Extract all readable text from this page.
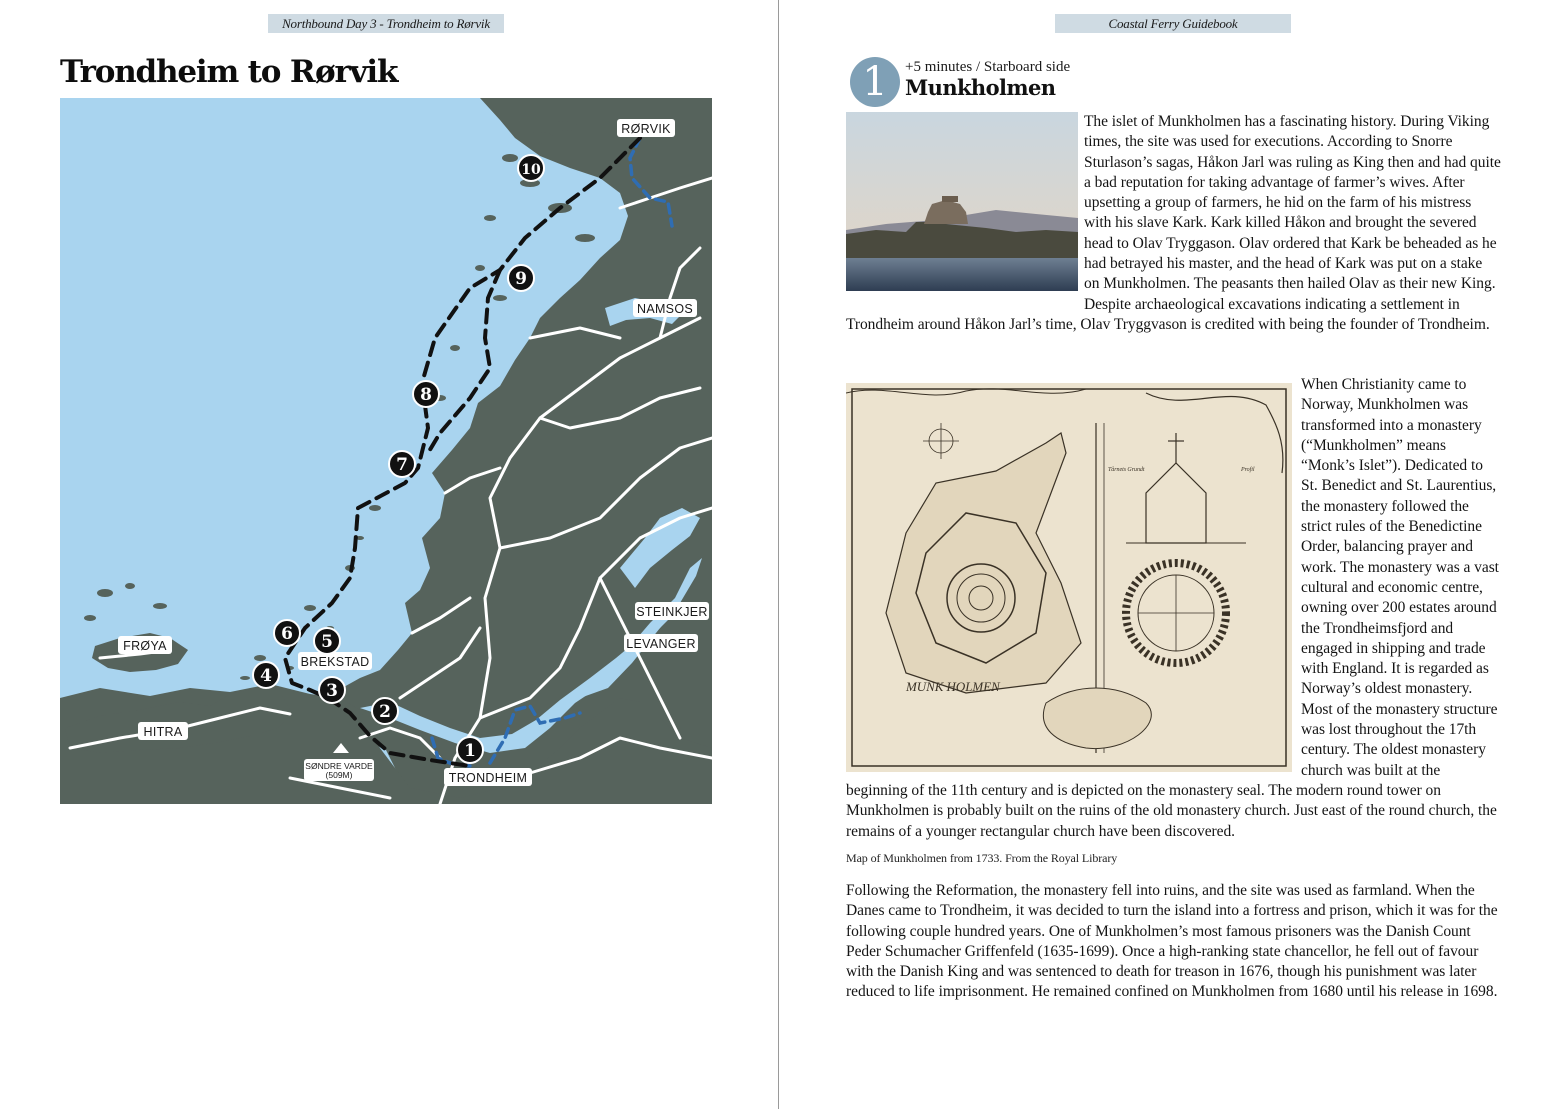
Northbound Day 3 - Trondheim to Rørvik
Trondheim to Rørvik
RØRVIK
NAMSOS
STEINKJER
LEVANGER
FRØYA
HITRA
BREKSTAD
TRONDHEIM
SØNDRE VARDE
(509M)
1
2
3
4
5
6
7
8
9
10
Coastal Ferry Guidebook
1	+5 minutes / Starboard side
Munkholmen

The islet of Munkholmen has a fascinating history. During Viking times, the site was used for executions. According to Snorre Sturlason’s sagas, Håkon Jarl was ruling as King then and had quite a bad reputation for taking advantage of farmer’s wives. After upsetting a group of farmers, he hid on the farm of his mistress with his slave Kark. Kark killed Håkon and brought the severed head to Olav Tryggason. Olav ordered that Kark be beheaded as he had betrayed his master, and the head of Kark was put on a stake on Munkholmen. The peasants then hailed Olav as their new King. Despite archaeological excavations indicating a settlement in Trondheim around Håkon Jarl’s time, Olav Tryggvason is credited with being the founder of Trondheim.

MUNK HOLMEN
Tårnets Grundt	Profil

When Christianity came to Norway, Munkholmen was transformed into a monastery (“Munkholmen” means “Monk’s Islet”). Dedicated to St. Benedict and St. Laurentius, the monastery followed the strict rules of the Benedictine Order, balancing prayer and work. The monastery was a vast cultural and economic centre, owning over 200 estates around the Trondheimsfjord and engaged in shipping and trade with England. It is regarded as Norway’s oldest monastery. Most of the monastery structure was lost throughout the 17th century. The oldest monastery church was built at the beginning of the 11th century and is depicted on the monastery seal. The modern round tower on Munkholmen is probably built on the ruins of the old monastery church. Just east of the round church, the remains of a younger rectangular church have been discovered.

Map of Munkholmen from 1733. From the Royal Library

Following the Reformation, the monastery fell into ruins, and the site was used as farmland. When the Danes came to Trondheim, it was decided to turn the island into a fortress and prison, which it was for the following couple hundred years. One of Munkholmen’s most famous prisoners was the Danish Count Peder Schumacher Griffenfeld (1635-1699). Once a high-ranking state chancellor, he fell out of favour with the Danish King and was sentenced to death for treason in 1676, though his punishment was later reduced to life imprisonment. He remained confined on Munkholmen from 1680 until his release in 1698.
